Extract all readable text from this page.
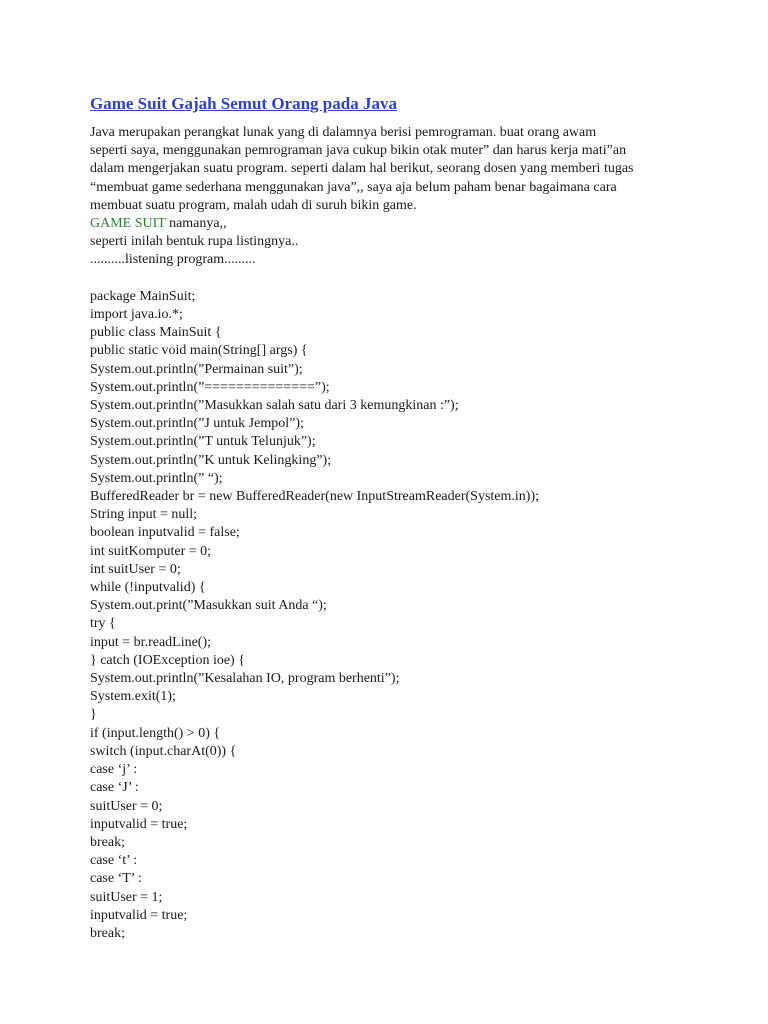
Game Suit Gajah Semut Orang pada Java
Java merupakan perangkat lunak yang di dalamnya berisi pemrograman. buat orang awam
seperti saya, menggunakan pemrograman java cukup bikin otak muter” dan harus kerja mati”an
dalam mengerjakan suatu program. seperti dalam hal berikut, seorang dosen yang memberi tugas
“membuat game sederhana menggunakan java”,, saya aja belum paham benar bagaimana cara
membuat suatu program, malah udah di suruh bikin game.
GAME SUIT namanya,,
seperti inilah bentuk rupa listingnya..
..........listening program.........
package MainSuit;
import java.io.*;
public class MainSuit {
public static void main(String[] args) {
System.out.println(”Permainan suit”);
System.out.println(”==============”);
System.out.println(”Masukkan salah satu dari 3 kemungkinan :”);
System.out.println(”J untuk Jempol”);
System.out.println(”T untuk Telunjuk”);
System.out.println(”K untuk Kelingking”);
System.out.println(” “);
BufferedReader br = new BufferedReader(new InputStreamReader(System.in));
String input = null;
boolean inputvalid = false;
int suitKomputer = 0;
int suitUser = 0;
while (!inputvalid) {
System.out.print(”Masukkan suit Anda “);
try {
input = br.readLine();
} catch (IOException ioe) {
System.out.println(”Kesalahan IO, program berhenti”);
System.exit(1);
}
if (input.length() > 0) {
switch (input.charAt(0)) {
case ‘j’ :
case ‘J’ :
suitUser = 0;
inputvalid = true;
break;
case ‘t’ :
case ‘T’ :
suitUser = 1;
inputvalid = true;
break;
